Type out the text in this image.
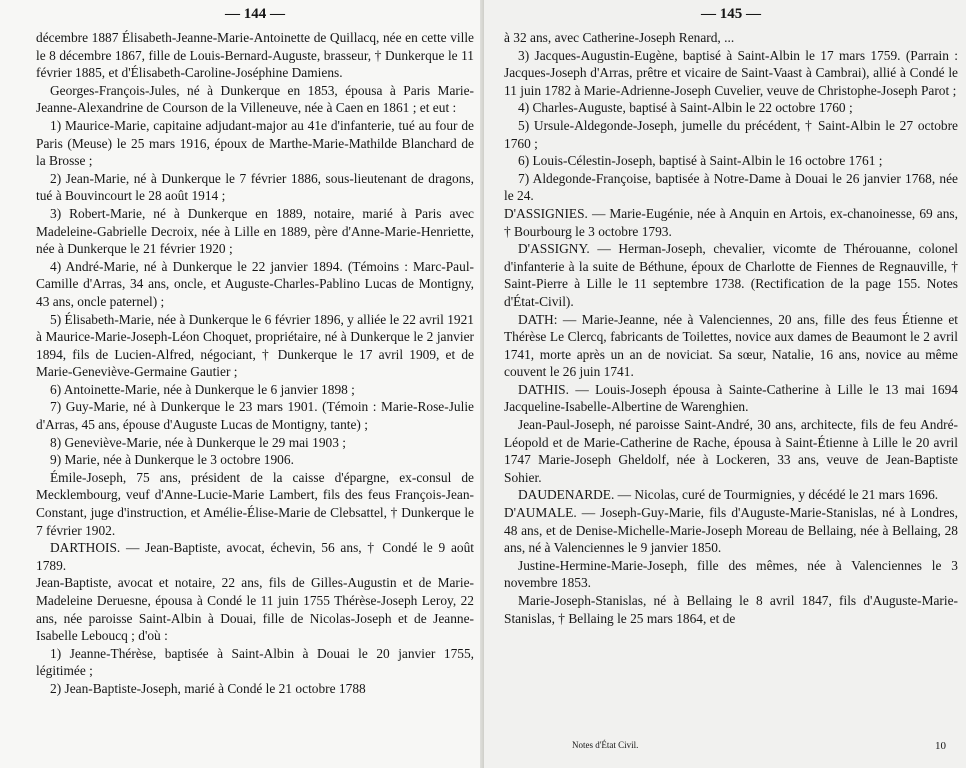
— 144 —

décembre 1887 Élisabeth-Jeanne-Marie-Antoinette de Quillacq, née en cette ville le 8 décembre 1867, fille de Louis-Bernard-Auguste, brasseur, † Dunkerque le 11 février 1885, et d'Élisabeth-Caroline-Joséphine Damiens.

Georges-François-Jules, né à Dunkerque en 1853, épousa à Paris Marie-Jeanne-Alexandrine de Courson de la Villeneuve, née à Caen en 1861 ; et eut :

1) Maurice-Marie, capitaine adjudant-major au 41e d'infanterie, tué au four de Paris (Meuse) le 25 mars 1916, époux de Marthe-Marie-Mathilde Blanchard de la Brosse ;

2) Jean-Marie, né à Dunkerque le 7 février 1886, sous-lieutenant de dragons, tué à Bouvincourt le 28 août 1914 ;

3) Robert-Marie, né à Dunkerque en 1889, notaire, marié à Paris avec Madeleine-Gabrielle Decroix, née à Lille en 1889, père d'Anne-Marie-Henriette, née à Dunkerque le 21 février 1920 ;

4) André-Marie, né à Dunkerque le 22 janvier 1894. (Témoins : Marc-Paul-Camille d'Arras, 34 ans, oncle, et Auguste-Charles-Pablino Lucas de Montigny, 43 ans, oncle paternel) ;

5) Élisabeth-Marie, née à Dunkerque le 6 février 1896, y alliée le 22 avril 1921 à Maurice-Marie-Joseph-Léon Choquet, propriétaire, né à Dunkerque le 2 janvier 1894, fils de Lucien-Alfred, négociant, † Dunkerque le 17 avril 1909, et de Marie-Geneviève-Germaine Gautier ;

6) Antoinette-Marie, née à Dunkerque le 6 janvier 1898 ;

7) Guy-Marie, né à Dunkerque le 23 mars 1901. (Témoin : Marie-Rose-Julie d'Arras, 45 ans, épouse d'Auguste Lucas de Montigny, tante) ;

8) Geneviève-Marie, née à Dunkerque le 29 mai 1903 ;

9) Marie, née à Dunkerque le 3 octobre 1906.

Émile-Joseph, 75 ans, président de la caisse d'épargne, ex-consul de Mecklembourg, veuf d'Anne-Lucie-Marie Lambert, fils des feus François-Jean-Constant, juge d'instruction, et Amélie-Élise-Marie de Clebsattel, † Dunkerque le 7 février 1902.

DARTHOIS. — Jean-Baptiste, avocat, échevin, 56 ans, † Condé le 9 août 1789.

Jean-Baptiste, avocat et notaire, 22 ans, fils de Gilles-Augustin et de Marie-Madeleine Deruesne, épousa à Condé le 11 juin 1755 Thérèse-Joseph Leroy, 22 ans, née paroisse Saint-Albin à Douai, fille de Nicolas-Joseph et de Jeanne-Isabelle Leboucq ; d'où :

1) Jeanne-Thérèse, baptisée à Saint-Albin à Douai le 20 janvier 1755, légitimée ;

2) Jean-Baptiste-Joseph, marié à Condé le 21 octobre 1788

— 145 —

à 32 ans, avec Catherine-Joseph Renard, ...

3) Jacques-Augustin-Eugène, baptisé à Saint-Albin le 17 mars 1759. (Parrain : Jacques-Joseph d'Arras, prêtre et vicaire de Saint-Vaast à Cambrai), allié à Condé le 11 juin 1782 à Marie-Adrienne-Joseph Cuvelier, veuve de Christophe-Joseph Parot ;

4) Charles-Auguste, baptisé à Saint-Albin le 22 octobre 1760 ;

5) Ursule-Aldegonde-Joseph, jumelle du précédent, † Saint-Albin le 27 octobre 1760 ;

6) Louis-Célestin-Joseph, baptisé à Saint-Albin le 16 octobre 1761 ;

7) Aldegonde-Françoise, baptisée à Notre-Dame à Douai le 26 janvier 1768, née le 24.

D'ASSIGNIES. — Marie-Eugénie, née à Anquin en Artois, ex-chanoinesse, 69 ans, † Bourbourg le 3 octobre 1793.

D'ASSIGNY. — Herman-Joseph, chevalier, vicomte de Thérouanne, colonel d'infanterie à la suite de Béthune, époux de Charlotte de Fiennes de Regnauville, † Saint-Pierre à Lille le 11 septembre 1738. (Rectification de la page 155. Notes d'État-Civil).

DATH: — Marie-Jeanne, née à Valenciennes, 20 ans, fille des feus Étienne et Thérèse Le Clercq, fabricants de Toilettes, novice aux dames de Beaumont le 2 avril 1741, morte après un an de noviciat. Sa sœur, Natalie, 16 ans, novice au même couvent le 26 juin 1741.

DATHIS. — Louis-Joseph épousa à Sainte-Catherine à Lille le 13 mai 1694 Jacqueline-Isabelle-Albertine de Warenghien.

Jean-Paul-Joseph, né paroisse Saint-André, 30 ans, architecte, fils de feu André-Léopold et de Marie-Catherine de Rache, épousa à Saint-Étienne à Lille le 20 avril 1747 Marie-Joseph Gheldolf, née à Lockeren, 33 ans, veuve de Jean-Baptiste Sohier.

DAUDENARDE. — Nicolas, curé de Tourmignies, y décédé le 21 mars 1696.

D'AUMALE. — Joseph-Guy-Marie, fils d'Auguste-Marie-Stanislas, né à Londres, 48 ans, et de Denise-Michelle-Marie-Joseph Moreau de Bellaing, née à Bellaing, 28 ans, né à Valenciennes le 9 janvier 1850.

Justine-Hermine-Marie-Joseph, fille des mêmes, née à Valenciennes le 3 novembre 1853.

Marie-Joseph-Stanislas, né à Bellaing le 8 avril 1847, fils d'Auguste-Marie-Stanislas, † Bellaing le 25 mars 1864, et de

Notes d'État Civil.	10
